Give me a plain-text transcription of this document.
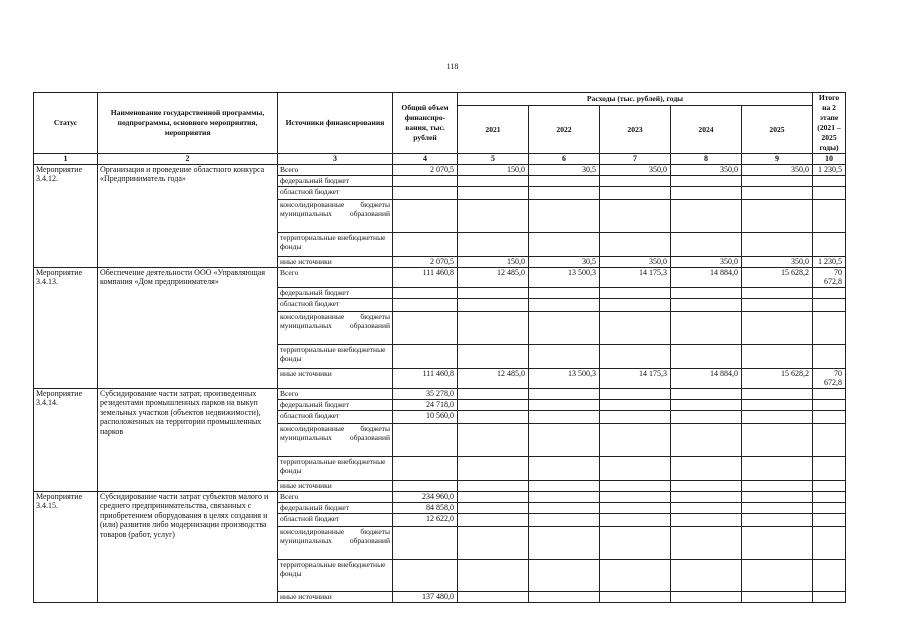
118
Статус	Наименование государственной программы, подпрограммы, основного мероприятия, мероприятия	Источники финансирования	Общий объем финансиро-вания, тыс. рублей	Расходы (тыс. рублей), годы					Итого на 2 этапе (2021 – 2025 годы)
				2021	2022	2023	2024	2025	
1	2	3	4	5	6	7	8	9	10
Мероприятие 3.4.12.	Организация и проведение областного конкурса «Предприниматель года»	Всего	2 070,5	150,0	30,5	350,0	350,0	350,0	1 230,5
		федеральный бюджет							
		областной бюджет							
		консолидированные бюджеты муниципальных образований							
		территориальные внебюджетные фонды							
		иные источники	2 070,5	150,0	30,5	350,0	350,0	350,0	1 230,5
Мероприятие 3.4.13.	Обеспечение деятельности ООО «Управляющая компания «Дом предпринимателя»	Всего	111 460,8	12 485,0	13 500,3	14 175,3	14 884,0	15 628,2	70 672,8
		федеральный бюджет							
		областной бюджет							
		консолидированные бюджеты муниципальных образований							
		территориальные внебюджетные фонды							
		иные источники	111 460,8	12 485,0	13 500,3	14 175,3	14 884,0	15 628,2	70 672,8
Мероприятие 3.4.14.	Субсидирование части затрат, произведенных резидентами промышленных парков на выкуп земельных участков (объектов недвижимости), расположенных на территории промышленных парков	Всего	35 278,0						
		федеральный бюджет	24 718,0						
		областной бюджет	10 560,0						
		консолидированные бюджеты муниципальных образований							
		территориальные внебюджетные фонды							
		иные источники							
Мероприятие 3.4.15.	Субсидирование части затрат субъектов малого и среднего предпринимательства, связанных с приобретением оборудования в целях создания и (или) развития либо модернизации производства товаров (работ, услуг)	Всего	234 960,0						
		федеральный бюджет	84 858,0						
		областной бюджет	12 622,0						
		консолидированные бюджеты муниципальных образований							
		территориальные внебюджетные фонды							
		иные источники	137 480,0						
